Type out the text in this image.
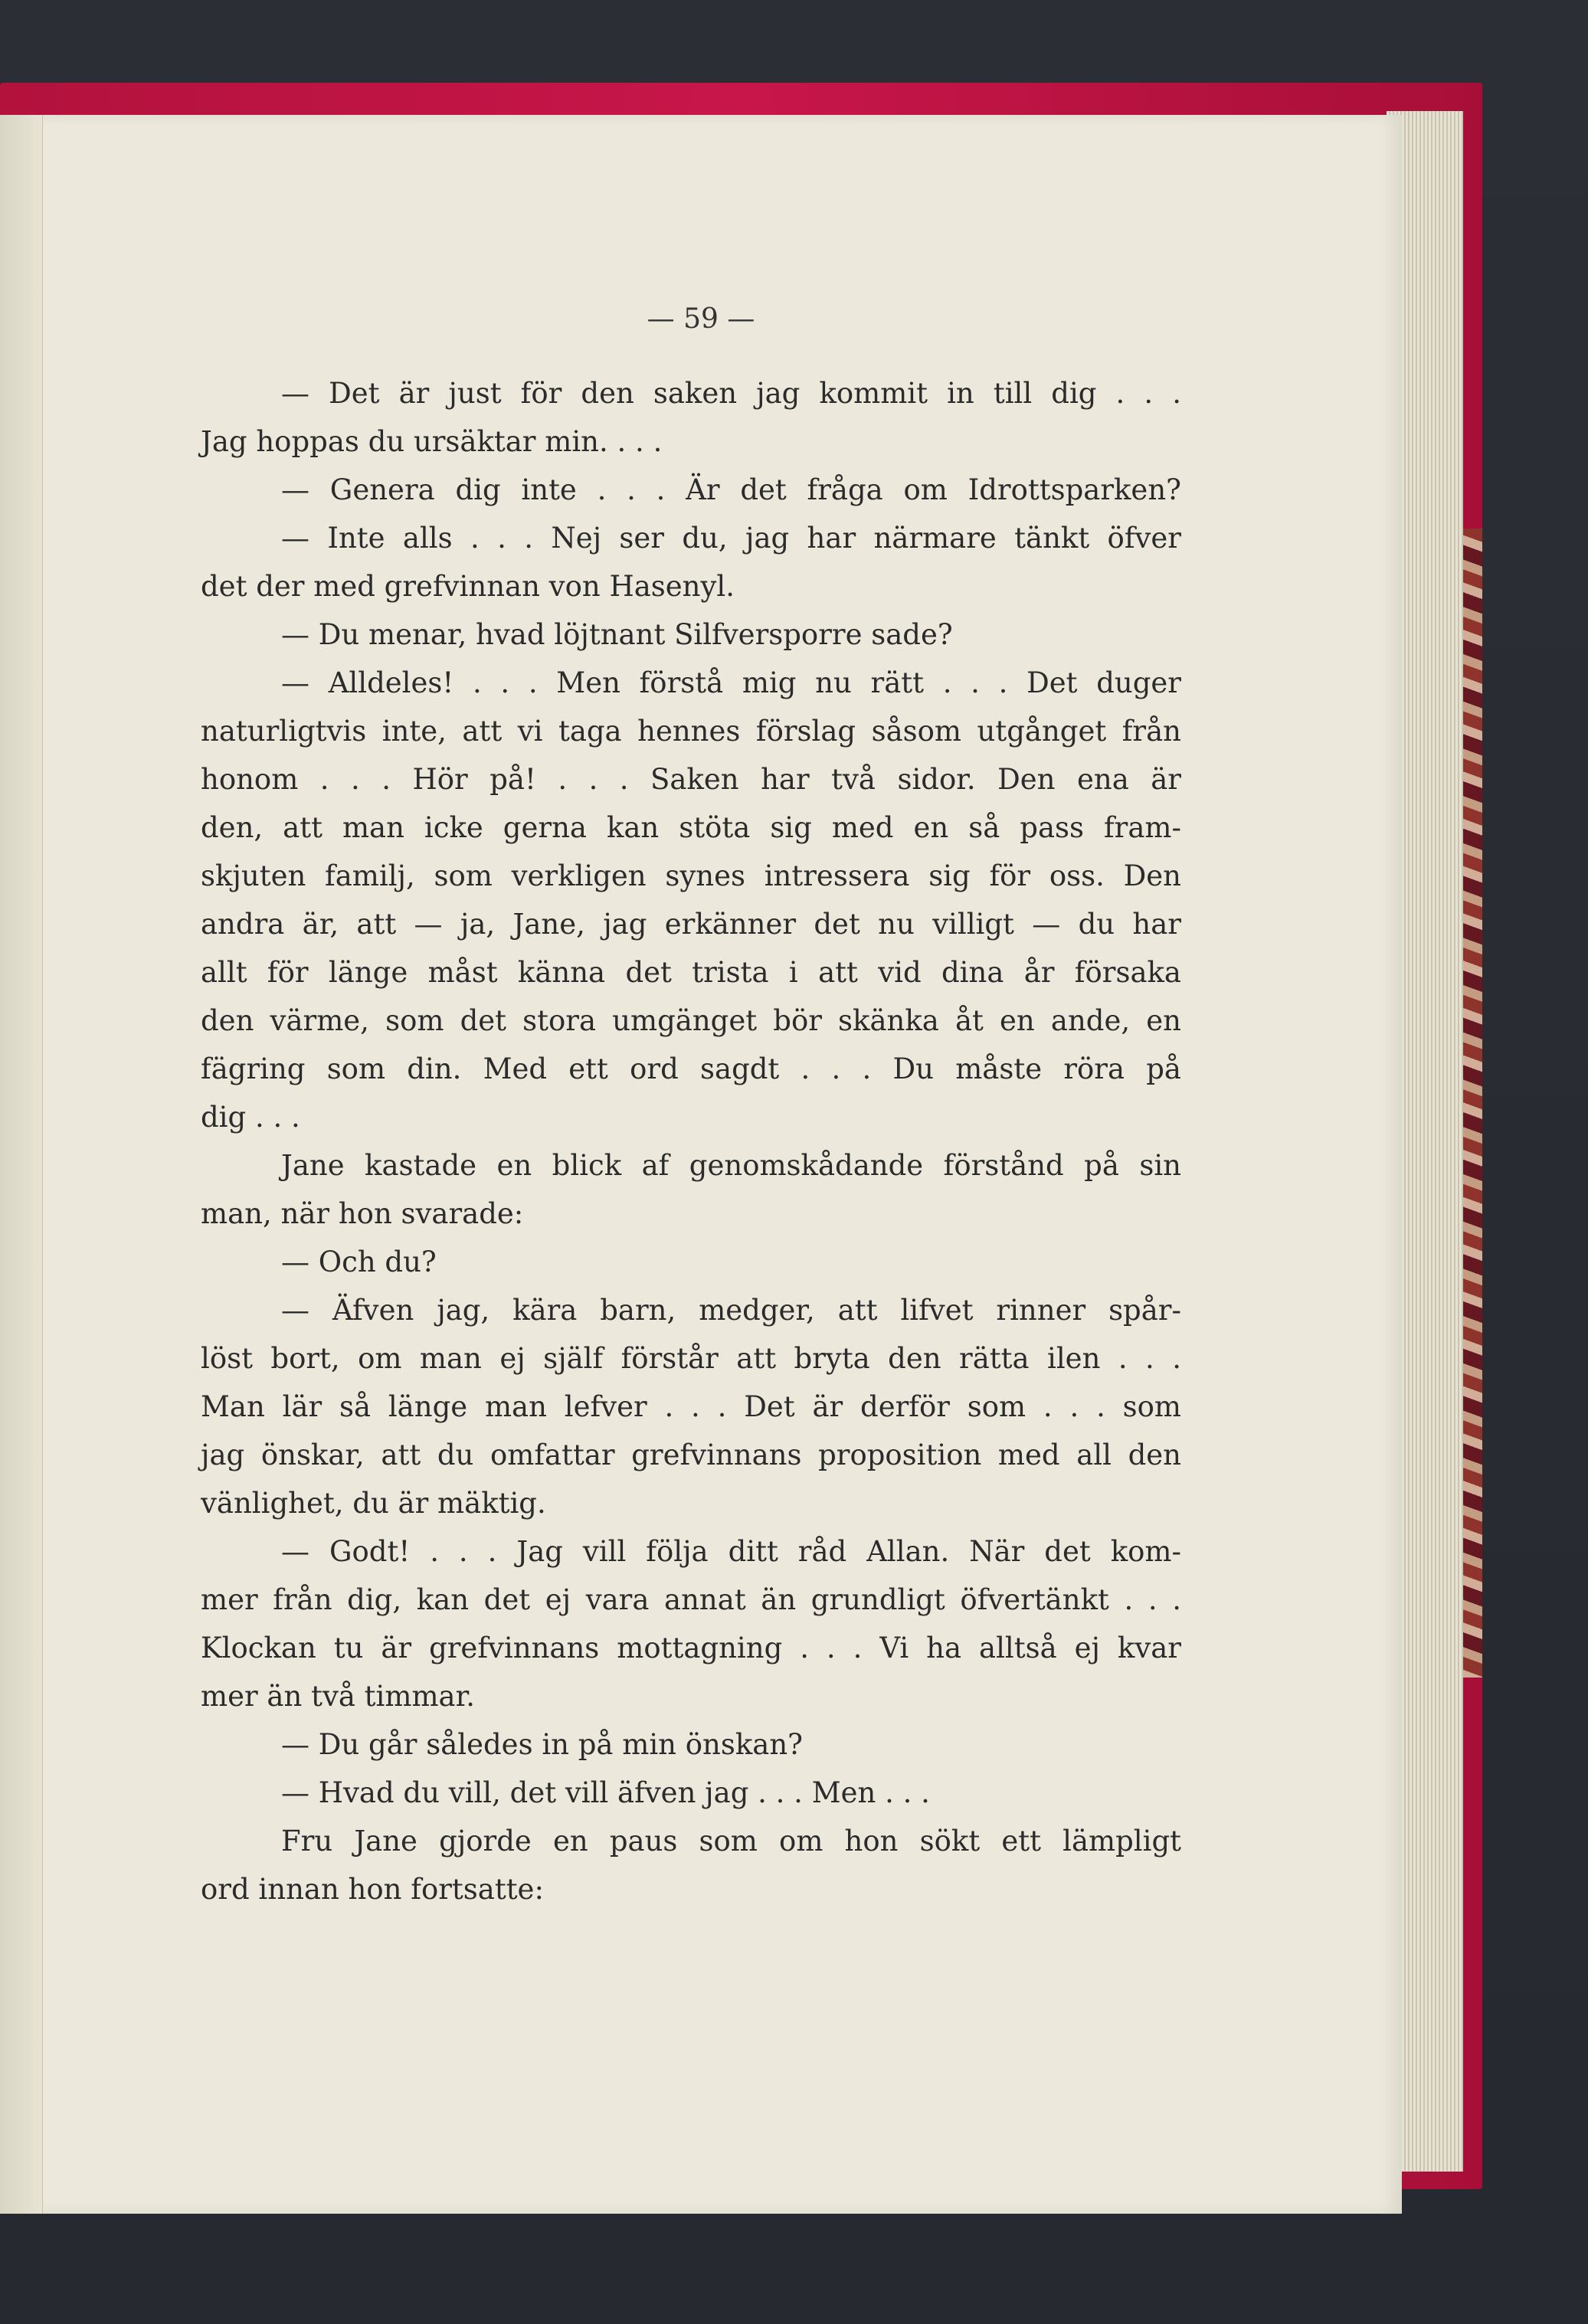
— 59 —
— Det är just för den saken jag kommit in till dig . . .
Jag hoppas du ursäktar min. . . .
— Genera dig inte . . . Är det fråga om Idrottsparken?
— Inte alls . . . Nej ser du, jag har närmare tänkt öfver
det der med grefvinnan von Hasenyl.
— Du menar, hvad löjtnant Silfversporre sade?
— Alldeles! . . . Men förstå mig nu rätt . . . Det duger
naturligtvis inte, att vi taga hennes förslag såsom utgånget från
honom . . . Hör på! . . . Saken har två sidor. Den ena är
den, att man icke gerna kan stöta sig med en så pass fram-
skjuten familj, som verkligen synes intressera sig för oss. Den
andra är, att — ja, Jane, jag erkänner det nu villigt — du har
allt för länge måst känna det trista i att vid dina år försaka
den värme, som det stora umgänget bör skänka åt en ande, en
fägring som din. Med ett ord sagdt . . . Du måste röra på
dig . . .
Jane kastade en blick af genomskådande förstånd på sin
man, när hon svarade:
— Och du?
— Äfven jag, kära barn, medger, att lifvet rinner spår-
löst bort, om man ej själf förstår att bryta den rätta ilen . . .
Man lär så länge man lefver . . . Det är derför som . . . som
jag önskar, att du omfattar grefvinnans proposition med all den
vänlighet, du är mäktig.
— Godt! . . . Jag vill följa ditt råd Allan. När det kom-
mer från dig, kan det ej vara annat än grundligt öfvertänkt . . .
Klockan tu är grefvinnans mottagning . . . Vi ha alltså ej kvar
mer än två timmar.
— Du går således in på min önskan?
— Hvad du vill, det vill äfven jag . . . Men . . .
Fru Jane gjorde en paus som om hon sökt ett lämpligt
ord innan hon fortsatte:
